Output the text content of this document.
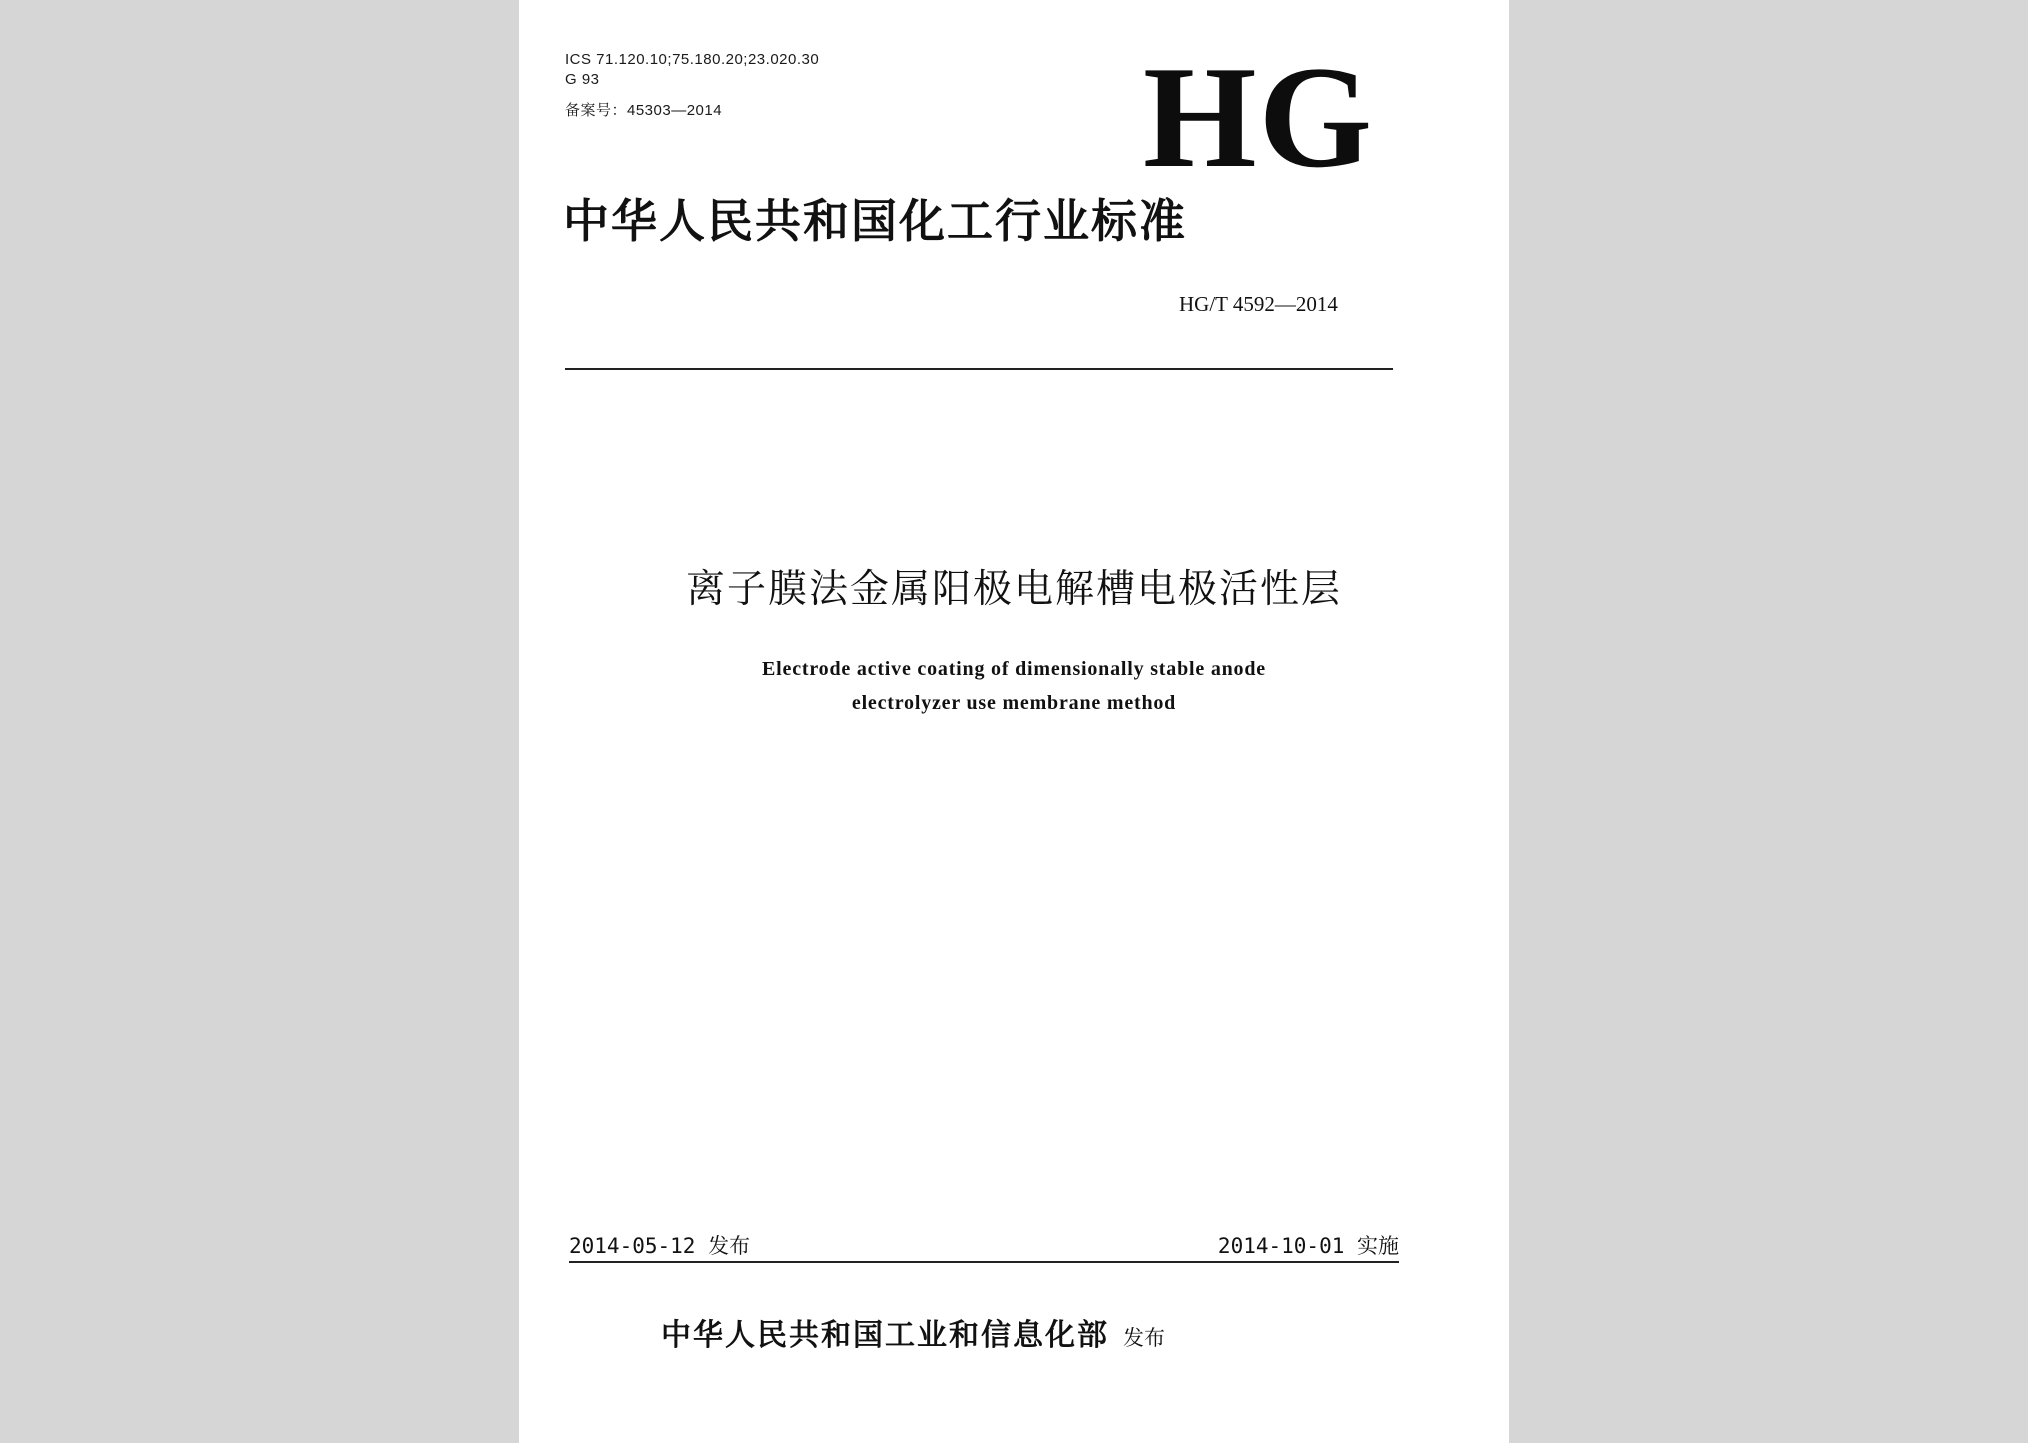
ICS 71.120.10;75.180.20;23.020.30
G 93
备案号：45303—2014	HG
中华人民共和国化工行业标准
HG/T 4592—2014
离子膜法金属阳极电解槽电极活性层
Electrode active coating of dimensionally stable anode
electrolyzer use membrane method
2014-05-12 发布	2014-10-01 实施
中华人民共和国工业和信息化部 发布
